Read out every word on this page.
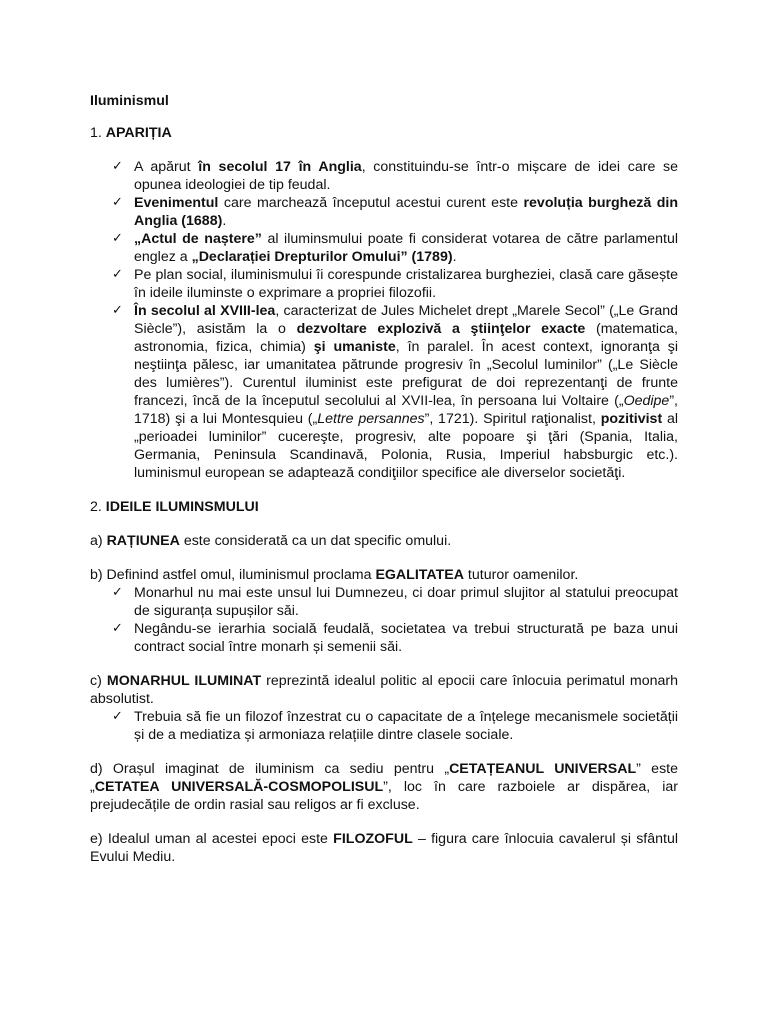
Iluminismul
1. APARIȚIA
✓ A apărut în secolul 17 în Anglia, constituindu-se într-o mișcare de idei care se opunea ideologiei de tip feudal.
✓ Evenimentul care marchează începutul acestui curent este revoluția burgheză din Anglia (1688).
✓ „Actul de naștere” al iluminsmului poate fi considerat votarea de către parlamentul englez a „Declarației Drepturilor Omului” (1789).
✓ Pe plan social, iluminismului îi corespunde cristalizarea burgheziei, clasă care găsește în ideile iluminste o exprimare a propriei filozofii.
✓ În secolul al XVIII-lea, caracterizat de Jules Michelet drept „Marele Secol” („Le Grand Siècle”), asistăm la o dezvoltare explozivă a ştiinţelor exacte (matematica, astronomia, fizica, chimia) şi umaniste, în paralel. În acest context, ignoranţa şi neştiinţa pălesc, iar umanitatea pătrunde progresiv în „Secolul luminilor” („Le Siècle des lumières”). Curentul iluminist este prefigurat de doi reprezentanţi de frunte francezi, încă de la începutul secolului al XVII-lea, în persoana lui Voltaire („Oedipe”, 1718) şi a lui Montesquieu („Lettre persannes”, 1721). Spiritul raţionalist, pozitivist al „perioadei luminilor” cucereşte, progresiv, alte popoare şi ţări (Spania, Italia, Germania, Peninsula Scandinavă, Polonia, Rusia, Imperiul habsburgic etc.). luminismul european se adaptează condiţiilor specifice ale diverselor societăţi.
2. IDEILE ILUMINSMULUI

a) RAȚIUNEA este considerată ca un dat specific omului.

b) Definind astfel omul, iluminismul proclama EGALITATEA tuturor oamenilor.

✓ Monarhul nu mai este unsul lui Dumnezeu, ci doar primul slujitor al statului preocupat de siguranța supușilor săi.
✓ Negându-se ierarhia socială feudală, societatea va trebui structurată pe baza unui contract social între monarh și semenii săi.

c) MONARHUL ILUMINAT reprezintă idealul politic al epocii care înlocuia perimatul monarh absolutist.

✓ Trebuia să fie un filozof înzestrat cu o capacitate de a înțelege mecanismele societății și de a mediatiza și armoniaza relațiile dintre clasele sociale.

d) Orașul imaginat de iluminism ca sediu pentru „CETAȚEANUL UNIVERSAL” este „CETATEA UNIVERSALĂ-COSMOPOLISUL”, loc în care razboiele ar dispărea, iar prejudecățile de ordin rasial sau religos ar fi excluse.

e) Idealul uman al acestei epoci este FILOZOFUL – figura care înlocuia cavalerul și sfântul Evului Mediu.
